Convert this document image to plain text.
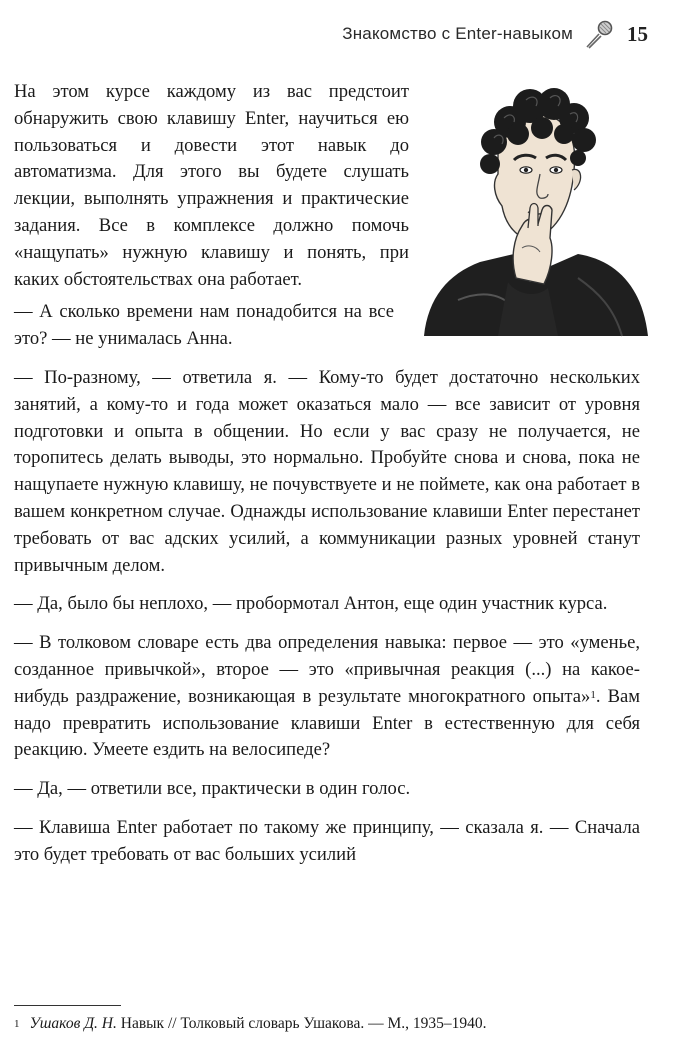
Знакомство с Enter-навыком	15

На этом курсе каждому из вас предстоит обнаружить свою клавишу Enter, научиться ею пользоваться и довести этот навык до автоматизма. Для этого вы будете слушать лекции, выполнять упражнения и практические задания. Все в комплексе должно помочь «нащупать» нужную клавишу и понять, при каких обстоятельствах она работает.

— А сколько времени нам понадобится на все это? — не унималась Анна.

— По-разному, — ответила я. — Кому-то будет достаточно нескольких занятий, а кому-то и года может оказаться мало — все зависит от уровня подготовки и опыта в общении. Но если у вас сразу не получается, не торопитесь делать выводы, это нормально. Пробуйте снова и снова, пока не нащупаете нужную клавишу, не почувствуете и не поймете, как она работает в вашем конкретном случае. Однажды использование клавиши Enter перестанет требовать от вас адских усилий, а коммуникации разных уровней станут привычным делом.

— Да, было бы неплохо, — пробормотал Антон, еще один участник курса.

— В толковом словаре есть два определения навыка: первое — это «уменье, созданное привычкой», второе — это «привычная реакция (...) на какое-нибудь раздражение, возникающая в результате многократного опыта»$^1$. Вам надо превратить использование клавиши Enter в естественную для себя реакцию. Умеете ездить на велосипеде?

— Да, — ответили все, практически в один голос.

— Клавиша Enter работает по такому же принципу, — сказала я. — Сначала это будет требовать от вас больших усилий

$^1$ Ушаков Д. Н. Навык // Толковый словарь Ушакова. — М., 1935–1940.
